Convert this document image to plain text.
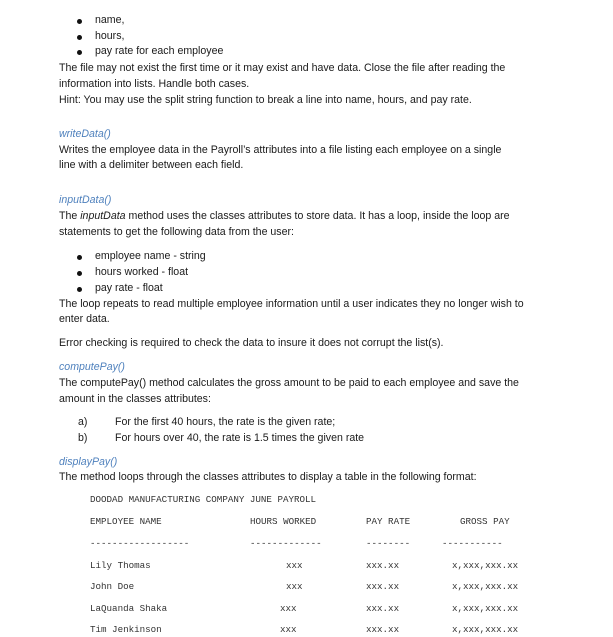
name,
hours,
pay rate for each employee
The file may not exist the first time or it may exist and have data. Close the file after reading the
information into lists. Handle both cases.
Hint: You may use the split string function to break a line into name, hours, and pay rate.
writeData()
Writes the employee data in the Payroll’s attributes into a file listing each employee on a single
line with a delimiter between each field.
inputData()
The inputData method uses the classes attributes to store data. It has a loop, inside the loop are
statements to get the following data from the user:
employee name - string
hours worked - float
pay rate - float
The loop repeats to read multiple employee information until a user indicates they no longer wish to
enter data.
Error checking is required to check the data to insure it does not corrupt the list(s).
computePay()
The computePay() method calculates the gross amount to be paid to each employee and save the
amount in the classes attributes:
a)	For the first 40 hours, the rate is the given rate;
b)	For hours over 40, the rate is 1.5 times the given rate
displayPay()
The method loops through the classes attributes to display a table in the following format:
DOODAD MANUFACTURING COMPANY JUNE PAYROLL
EMPLOYEE NAME	HOURS WORKED	PAY RATE	GROSS PAY
------------------	-------------	--------	-----------
Lily Thomas	xxx	xxx.xx	x,xxx,xxx.xx
John Doe	xxx	xxx.xx	x,xxx,xxx.xx
LaQuanda Shaka	xxx	xxx.xx	x,xxx,xxx.xx
Tim Jenkinson	xxx	xxx.xx	x,xxx,xxx.xx
